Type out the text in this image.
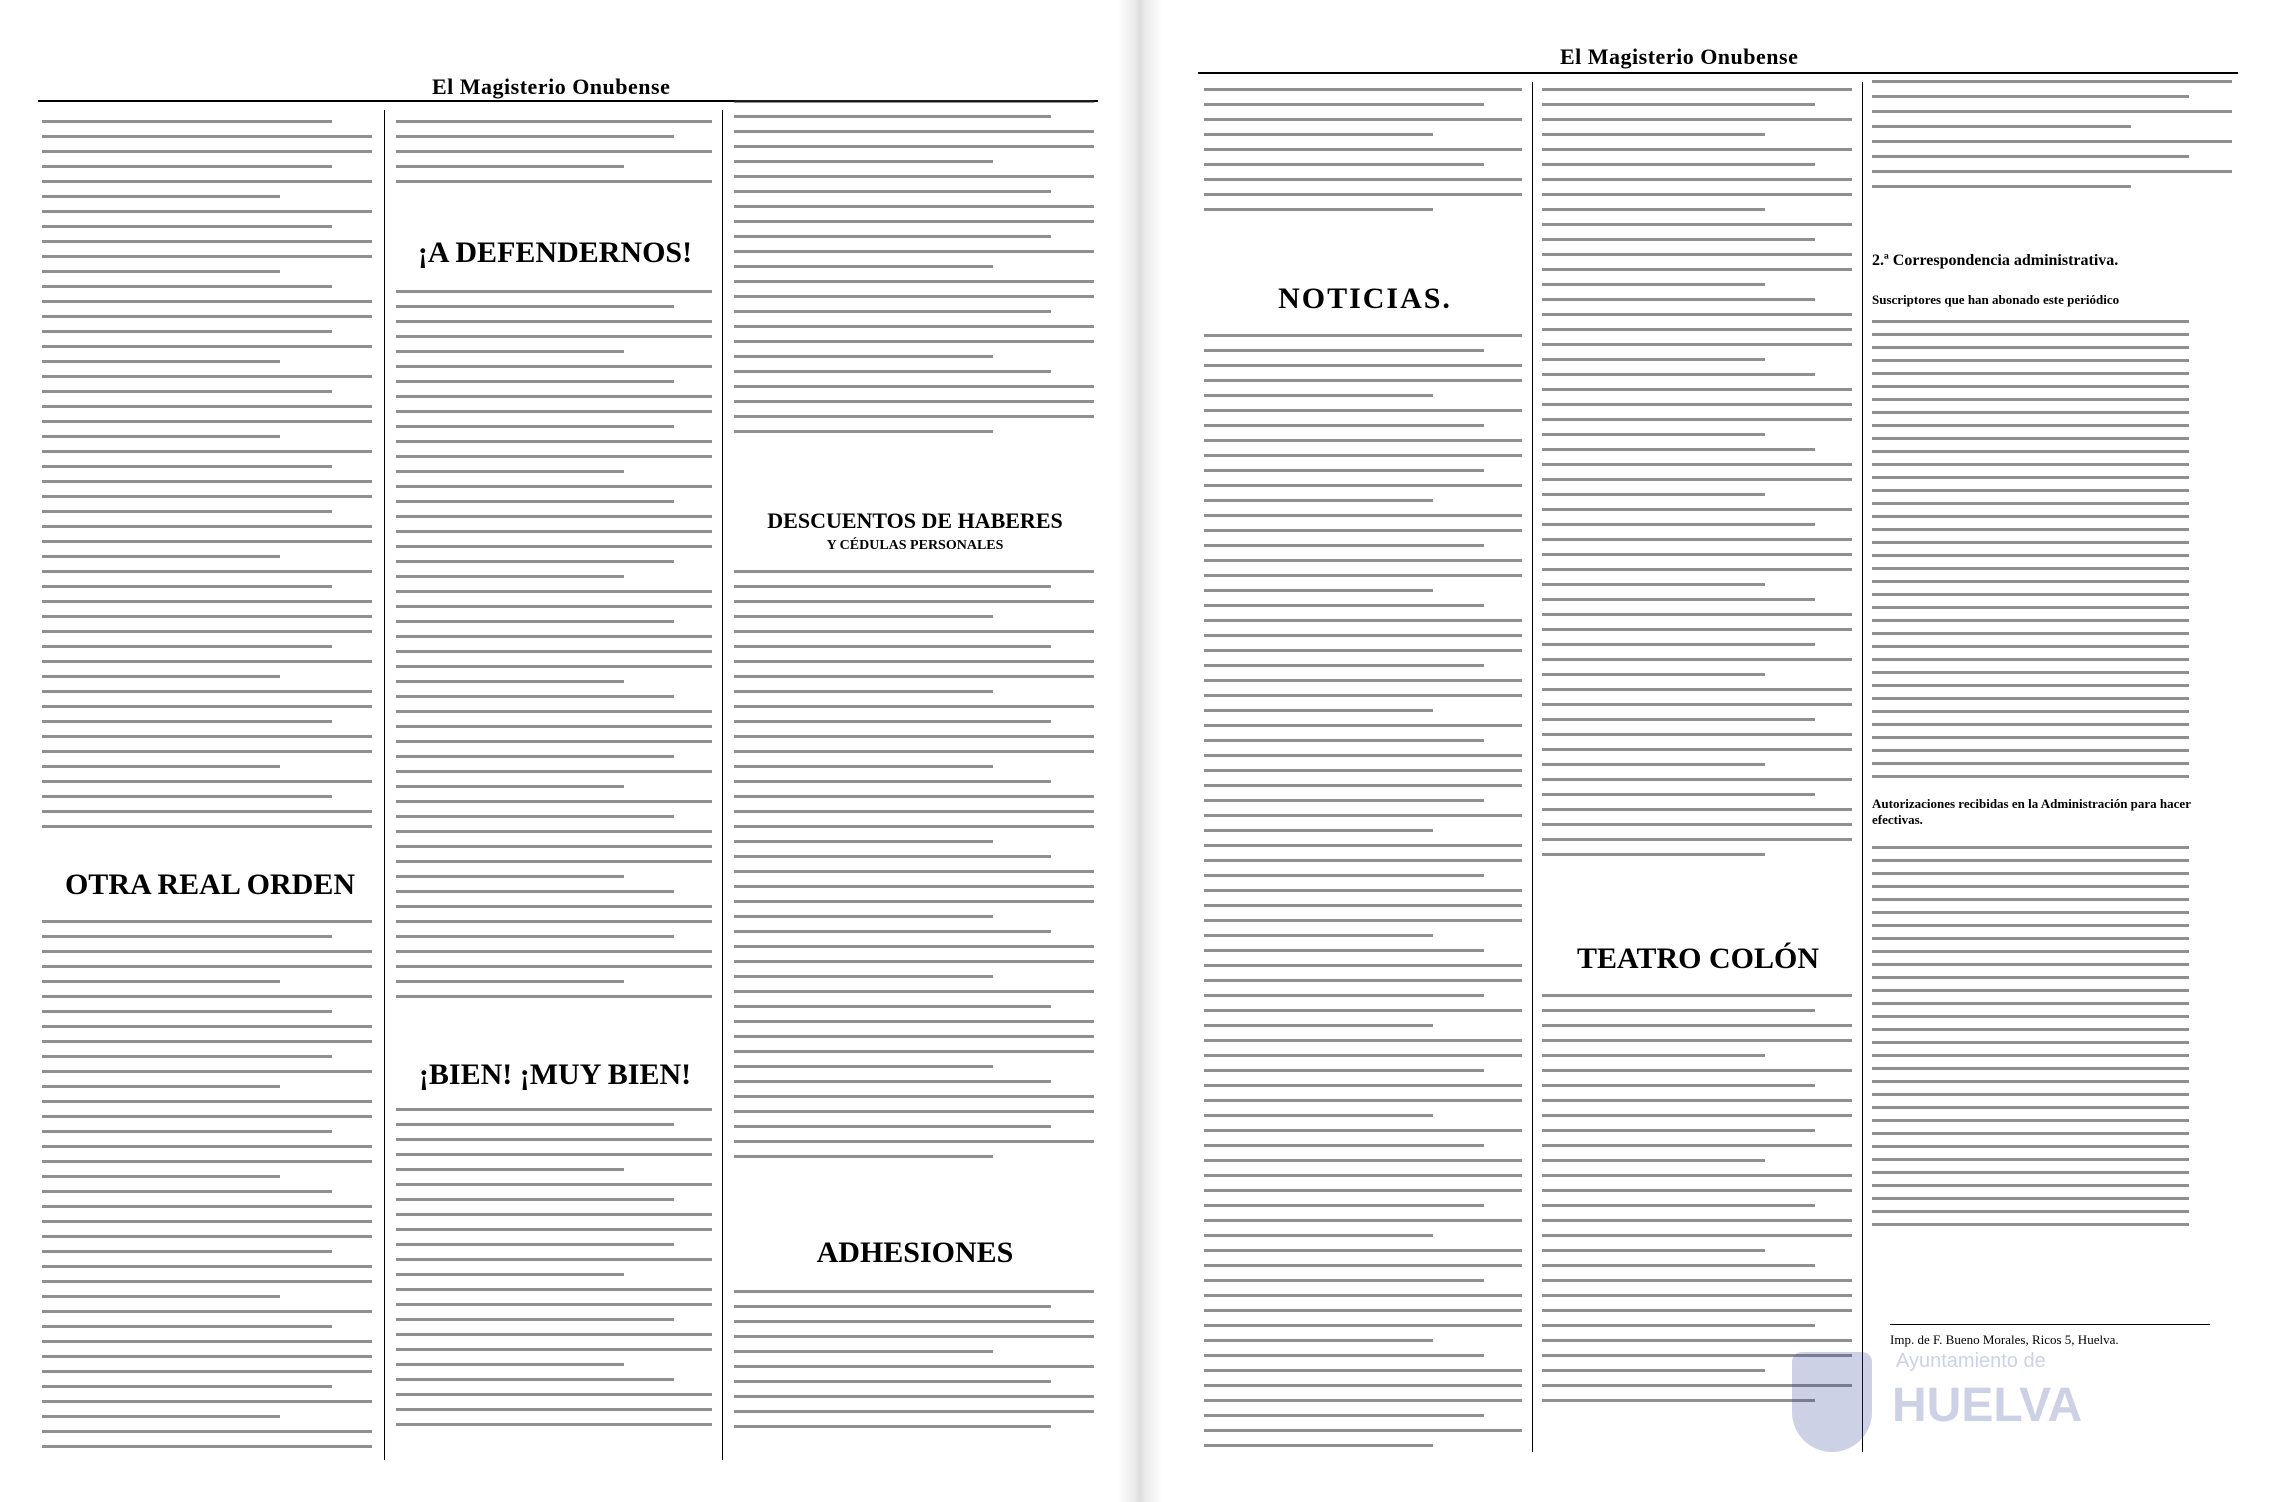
El Magisterio Onubense
OTRA REAL ORDEN
¡A DEFENDERNOS!
¡BIEN! ¡MUY BIEN!
DESCUENTOS DE HABERES
Y CÉDULAS PERSONALES
ADHESIONES
El Magisterio Onubense
NOTICIAS.
TEATRO COLÓN
2.ª Correspondencia administrativa.
Suscriptores que han abonado este periódico
Autorizaciones recibidas en la Administración para hacer efectivas.
Imp. de F. Bueno Morales, Ricos 5, Huelva.
Ayuntamiento de
HUELVA
